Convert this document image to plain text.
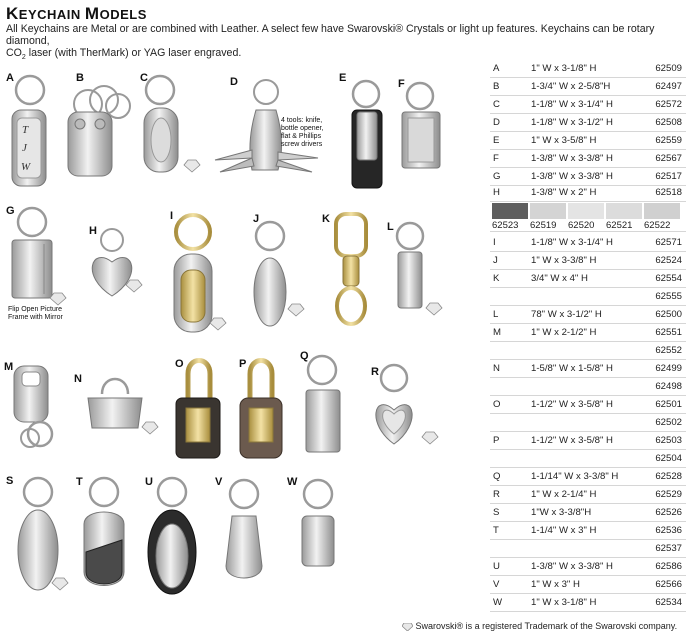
KEYCHAIN MODELS
All Keychains are Metal or are combined with Leather. A select few have Swarovski® Crystals or light up features. Keychains can be rotary diamond,
$CO_2$ laser (with TherMark) or YAG laser engraved.
A	B	C	D	E	F
G
H
I	J	K
L
M
N
O	P
Q
R
S	T	U	V	W
T
J
W
4 tools: knife,
bottle opener,
flat & Phillips
screw drivers
Flip Open Picture
Frame with Mirror
A	1" W x 3-1/8" H	62509
B	1-3/4" W x 2-5/8"H	62497
C	1-1/8" W x 3-1/4" H	62572
D	1-1/8" W x 3-1/2" H	62508
E	1" W x 3-5/8" H	62559
F	1-3/8" W x 3-3/8" H	62567
G	1-3/8" W x 3-3/8" H	62517
H	1-3/8" W x 2" H	62518
62523 62519 62520 62521 62522
I	1-1/8" W x 3-1/4" H	62571
J	1" W x 3-3/8" H	62524
K	3/4" W x 4" H	62554
62555
L	78" W x 3-1/2" H	62500
M	1" W x 2-1/2" H	62551
62552
N	1-5/8" W x 1-5/8" H	62499
62498
O	1-1/2" W x 3-5/8" H	62501
62502
P	1-1/2" W x 3-5/8" H	62503
62504
Q	1-1/14" W x 3-3/8" H	62528
R	1" W x 2-1/4" H	62529
S	1"W x 3-3/8"H	62526
T	1-1/4" W x 3" H	62536
62537
U	1-3/8" W x 3-3/8" H	62586
V	1" W x 3" H	62566
W	1" W x 3-1/8" H	62534
Swarovski® is a registered Trademark of the Swarovski company.
